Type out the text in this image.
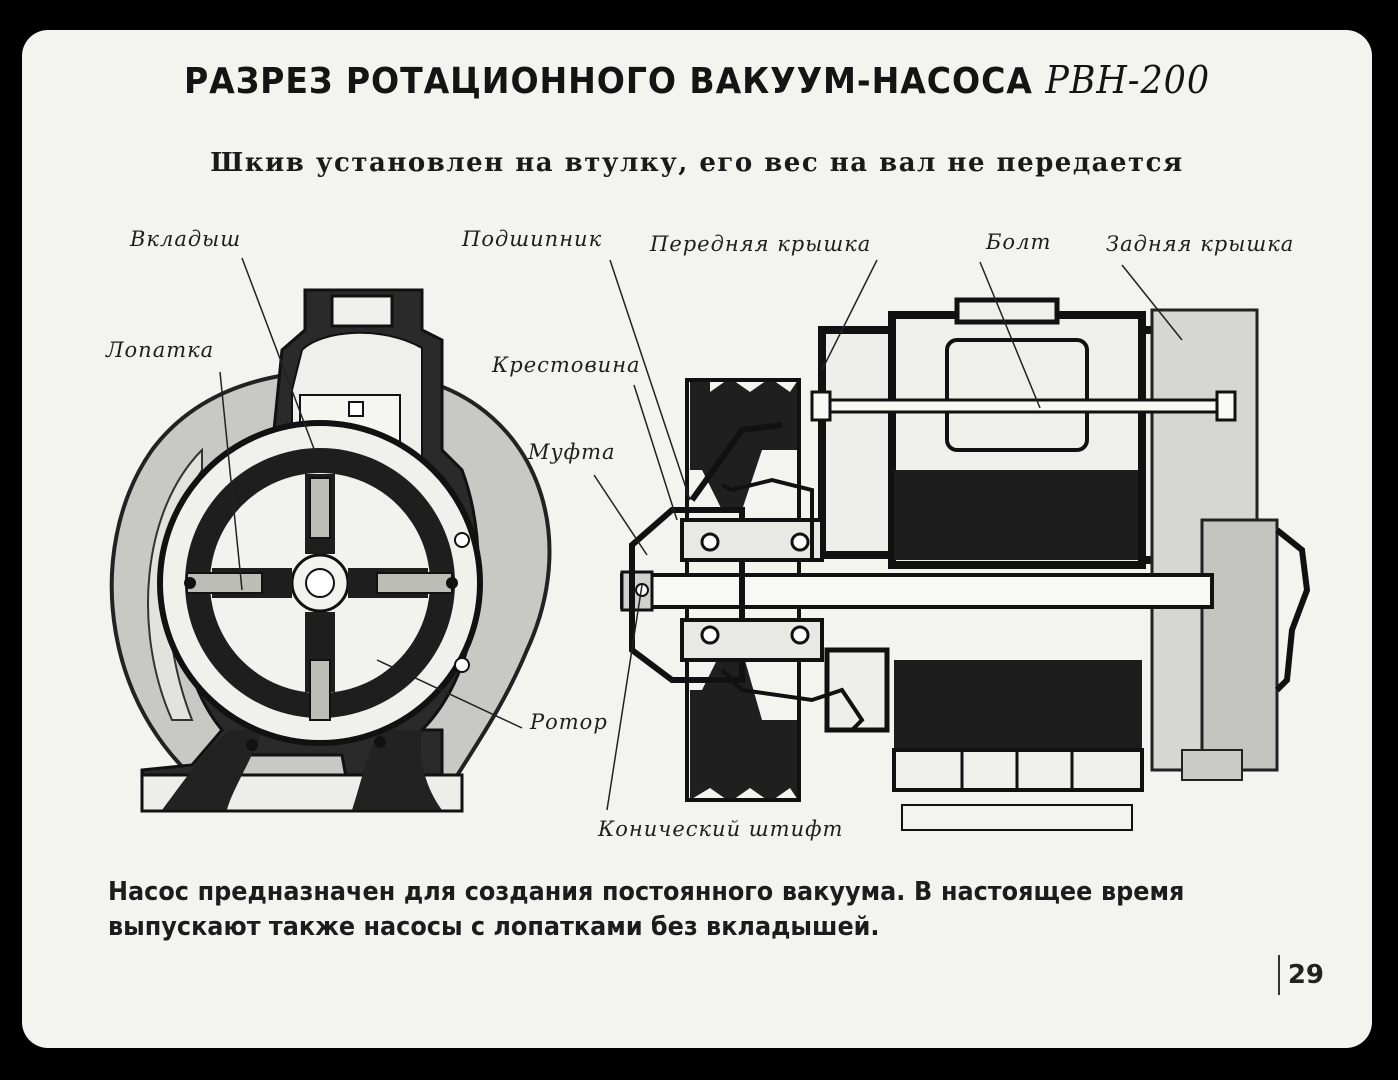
РАЗРЕЗ РОТАЦИОННОГО ВАКУУМ-НАСОСА РВН-200
Шкив установлен на втулку, его вес на вал не передается
Вкладыш
Лопатка
Подшипник Передняя крышка	Болт	Задняя крышка
Крестовина
Муфта
Ротор
Конический штифт
Насос предназначен для создания постоянного вакуума. В настоящее время
выпускают также насосы с лопатками без вкладышей.
29
